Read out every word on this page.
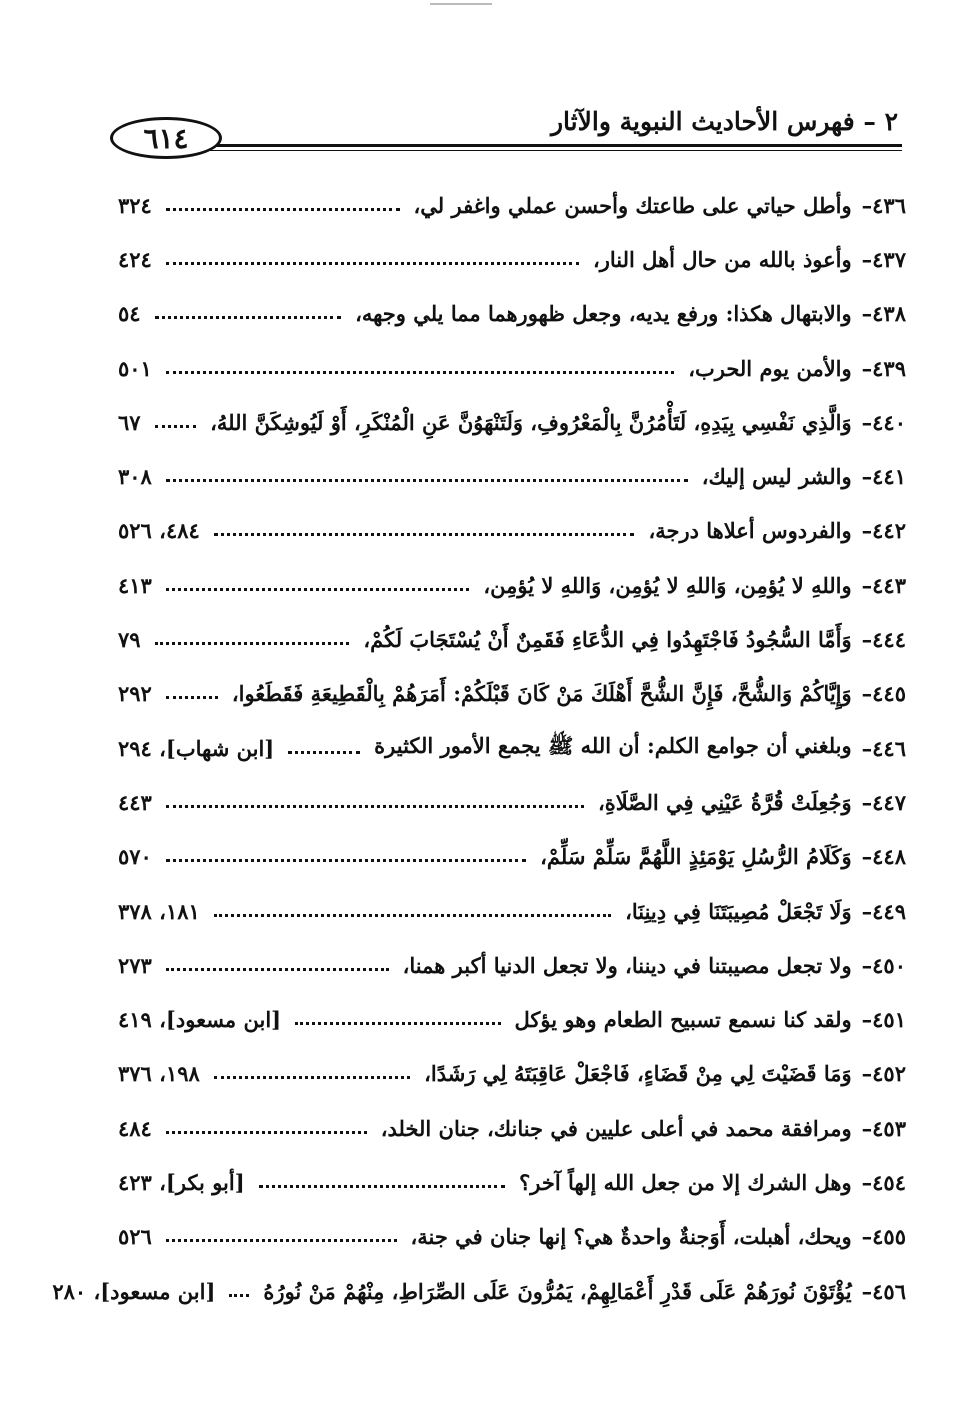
٦١٤	٢ – فهرس الأحاديث النبوية والآثار
٤٣٦–
وأطل حياتي على طاعتك وأحسن عملي واغفر لي،
٣٢٤
٤٣٧–
وأعوذ بالله من حال أهل النار،
٤٢٤
٤٣٨–
والابتهال هكذا: ورفع يديه، وجعل ظهورهما مما يلي وجهه،
٥٤
٤٣٩–
والأمن يوم الحرب،
٥٠١
٤٤٠–
وَالَّذِي نَفْسِي بِيَدِهِ، لَتَأْمُرُنَّ بِالْمَعْرُوفِ، وَلَتَنْهَوُنَّ عَنِ الْمُنْكَرِ، أَوْ لَيُوشِكَنَّ اللهُ،
٦٧
٤٤١–
والشر ليس إليك،
٣٠٨
٤٤٢–
والفردوس أعلاها درجة،
٤٨٤، ٥٢٦
٤٤٣–
واللهِ لا يُؤمِن، وَاللهِ لا يُؤمِن، وَاللهِ لا يُؤمِن،
٤١٣
٤٤٤–
وَأَمَّا السُّجُودُ فَاجْتَهِدُوا فِي الدُّعَاءِ فَقَمِنٌ أَنْ يُسْتَجَابَ لَكُمْ،
٧٩
٤٤٥–
وَإِيَّاكُمْ وَالشُّحَّ، فَإِنَّ الشُّحَّ أَهْلَكَ مَنْ كَانَ قَبْلَكُمْ: أَمَرَهُمْ بِالْقَطِيعَةِ فَقَطَعُوا،
٢٩٢
٤٤٦–
وبلغني أن جوامع الكلم: أن الله ﷺ يجمع الأمور الكثيرة
[ابن شهاب]، ٢٩٤
٤٤٧–
وَجُعِلَتْ قُرَّةُ عَيْنِي فِي الصَّلَاةِ،
٤٤٣
٤٤٨–
وَكَلَامُ الرُّسُلِ يَوْمَئِذٍ اللَّهُمَّ سَلِّمْ سَلِّمْ،
٥٧٠
٤٤٩–
وَلَا تَجْعَلْ مُصِيبَتَنَا فِي دِينِنَا،
١٨١، ٣٧٨
٤٥٠–
ولا تجعل مصيبتنا في ديننا، ولا تجعل الدنيا أكبر همنا،
٢٧٣
٤٥١–
ولقد كنا نسمع تسبيح الطعام وهو يؤكل
[ابن مسعود]، ٤١٩
٤٥٢–
وَمَا قَضَيْتَ لِي مِنْ قَضَاءٍ، فَاجْعَلْ عَاقِبَتَهُ لِي رَشَدًا،
١٩٨، ٣٧٦
٤٥٣–
ومرافقة محمد في أعلى عليين في جنانك، جنان الخلد،
٤٨٤
٤٥٤–
وهل الشرك إلا من جعل الله إلهاً آخر؟
[أبو بكر]، ٤٢٣
٤٥٥–
ويحك، أهبلت، أَوَجنةٌ واحدةٌ هي؟ إنها جنان في جنة،
٥٢٦
٤٥٦–
يُؤْتَوْنَ نُورَهُمْ عَلَى قَدْرِ أَعْمَالِهِمْ، يَمُرُّونَ عَلَى الصِّرَاطِ، مِنْهُمْ مَنْ نُورُهُ
[ابن مسعود]، ٢٨٠
